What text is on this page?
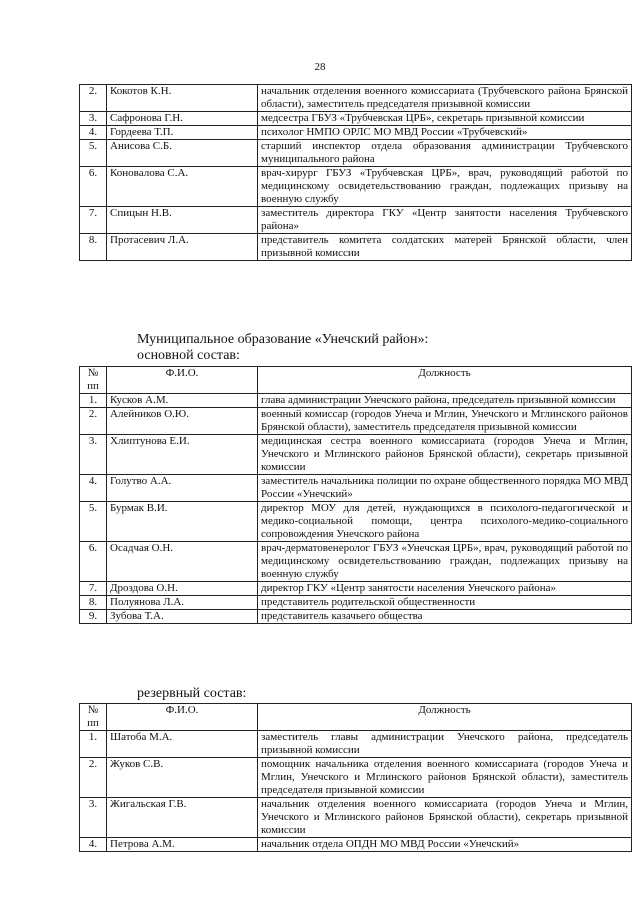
28
2.	Кокотов К.Н.	начальник отделения военного комиссариата (Трубчевского района Брянской области), заместитель председателя призывной комиссии
3.	Сафронова Г.Н.	медсестра ГБУЗ «Трубчевская ЦРБ», секретарь призывной комиссии
4.	Гордеева Т.П.	психолог НМПО ОРЛС МО МВД России «Трубчевский»
5.	Анисова С.Б.	старший инспектор отдела образования администрации Трубчевского муниципального района
6.	Коновалова С.А.	врач-хирург ГБУЗ «Трубчевская ЦРБ», врач, руководящий работой по медицинскому освидетельствованию граждан, подлежащих призыву на военную службу
7.	Спицын Н.В.	заместитель директора ГКУ «Центр занятости населения Трубчевского района»
8.	Протасевич Л.А.	представитель комитета солдатских матерей Брянской области, член призывной комиссии
Муниципальное образование «Унечский район»:
основной состав:
№ пп	Ф.И.О.	Должность
1.	Кусков А.М.	глава администрации Унечского района, председатель призывной комиссии
2.	Алейников О.Ю.	военный комиссар (городов Унеча и Мглин, Унечского и Мглинского районов Брянской области), заместитель председателя призывной комиссии
3.	Хлиптунова Е.И.	медицинская сестра военного комиссариата (городов Унеча и Мглин, Унечского и Мглинского районов Брянской области), секретарь призывной комиссии
4.	Голутво А.А.	заместитель начальника полиции по охране общественного порядка МО МВД России «Унечский»
5.	Бурмак В.И.	директор МОУ для детей, нуждающихся в психолого-педагогической и медико-социальной помощи, центра психолого-медико-социального сопровождения Унечского района
6.	Осадчая О.Н.	врач-дерматовенеролог ГБУЗ «Унечская ЦРБ», врач, руководящий работой по медицинскому освидетельствованию граждан, подлежащих призыву на военную службу
7.	Дроздова О.Н.	директор ГКУ «Центр занятости населения Унечского района»
8.	Полуянова Л.А.	представитель родительской общественности
9.	Зубова Т.А.	представитель казачьего общества
резервный состав:
№ пп	Ф.И.О.	Должность
1.	Шатоба М.А.	заместитель главы администрации Унечского района, председатель призывной комиссии
2.	Жуков С.В.	помощник начальника отделения военного комиссариата (городов Унеча и Мглин, Унечского и Мглинского районов Брянской области), заместитель председателя призывной комиссии
3.	Жигальская Г.В.	начальник отделения военного комиссариата (городов Унеча и Мглин, Унечского и Мглинского районов Брянской области), секретарь призывной комиссии
4.	Петрова А.М.	начальник отдела ОПДН МО МВД России «Унечский»
